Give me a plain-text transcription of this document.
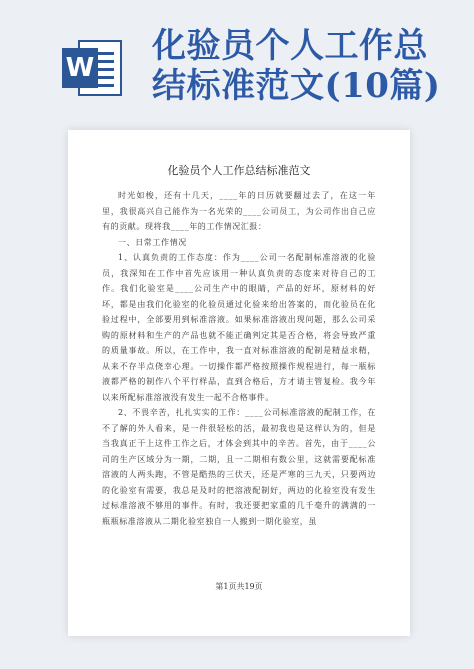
W
化验员个人工作总
结标准范文(10篇)
化验员个人工作总结标准范文

时光如梭，还有十几天，____年的日历就要翻过去了，在这一年里，我很高兴自己能作为一名光荣的____公司员工，为公司作出自己应有的贡献。现将我____年的工作情况汇报：

一、日常工作情况

1、认真负责的工作态度：作为____公司一名配制标准溶液的化验员，我深知在工作中首先应该用一种认真负责的态度来对待自己的工作。我们化验室是____公司生产中的眼睛，产品的好坏，原材料的好坏，都是由我们化验室的化验员通过化验来给出答案的，而化验员在化验过程中，全部要用到标准溶液。如果标准溶液出现问题，那么公司采购的原材料和生产的产品也就不能正确判定其是否合格，将会导致严重的质量事故。所以，在工作中，我一直对标准溶液的配制是精益求精，从来不存半点侥幸心理。一切操作都严格按照操作规程进行，每一瓶标液都严格的制作八个平行样品，直到合格后，方才请主管复检。我今年以来所配标准溶液没有发生一起不合格事件。

2、不畏辛苦，扎扎实实的工作：____公司标准溶液的配制工作，在不了解的外人看来，是一件很轻松的活，最初我也是这样认为的，但是当我真正干上这件工作之后，才体会到其中的辛苦。首先，由于____公司的生产区域分为一期，二期，且一二期相有数公里，这就需要配标准溶液的人两头跑，不管是酷热的三伏天，还是严寒的三九天，只要两边的化验室有需要，我总是及时的把溶液配制好，两边的化验室没有发生过标准溶液不够用的事件。有时，我还要把家重的几千毫升的满满的一瓶瓶标准溶液从二期化验室独自一人搬到一期化验室，虽

第1页共19页
